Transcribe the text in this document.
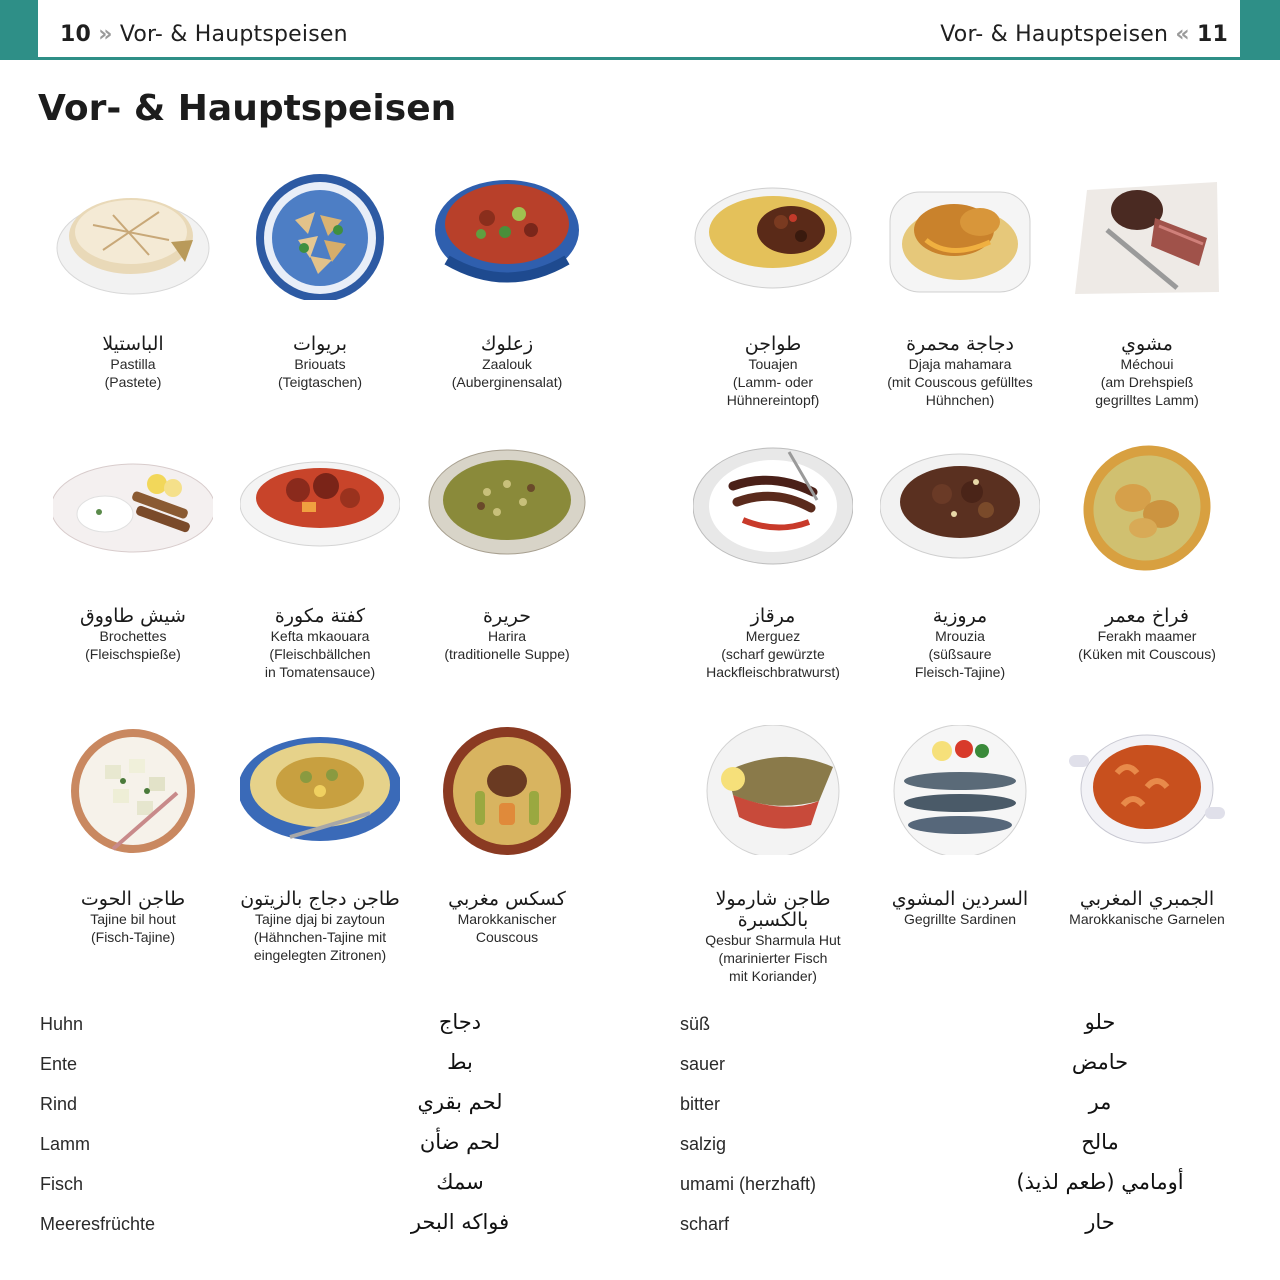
10 » Vor- & Hauptspeisen	Vor- & Hauptspeisen « 11
Vor- & Hauptspeisen
الباستيلا
Pastilla
(Pastete)
بريوات
Briouats
(Teigtaschen)
زعلوك
Zaalouk
(Auberginensalat)
طواجن
Touajen
(Lamm- oder
Hühnereintopf)
دجاجة محمرة
Djaja mahamara
(mit Couscous gefülltes
Hühnchen)
مشوي
Méchoui
(am Drehspieß
gegrilltes Lamm)
شيش طاووق
Brochettes
(Fleischspieße)
كفتة مكورة
Kefta mkaouara
(Fleischbällchen
in Tomatensauce)
حريرة
Harira
(traditionelle Suppe)
مرقاز
Merguez
(scharf gewürzte
Hackfleischbratwurst)
مروزية
Mrouzia
(süßsaure
Fleisch-Tajine)
فراخ معمر
Ferakh maamer
(Küken mit Couscous)
طاجن الحوت
Tajine bil hout
(Fisch-Tajine)
طاجن دجاج بالزيتون
Tajine djaj bi zaytoun
(Hähnchen-Tajine mit
eingelegten Zitronen)
كسكس مغربي
Marokkanischer
Couscous
طاجن شارمولا بالكسبرة
Qesbur Sharmula Hut
(marinierter Fisch
mit Koriander)
السردين المشوي
Gegrillte Sardinen
الجمبري المغربي
Marokkanische Garnelen
Huhn	دجاج
Ente	بط
Rind	لحم بقري
Lamm	لحم ضأن
Fisch	سمك
Meeresfrüchte	فواكه البحر
süß	حلو
sauer	حامض
bitter	مر
salzig	مالح
umami (herzhaft)	أومامي (طعم لذيذ)
scharf	حار
